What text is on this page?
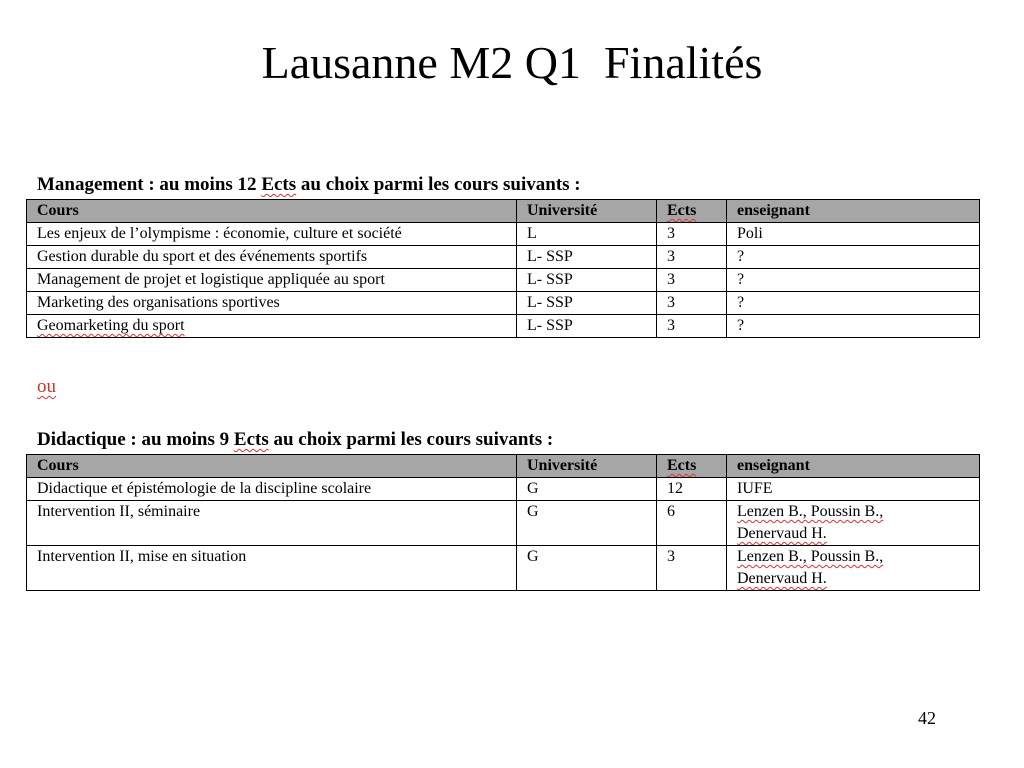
Lausanne M2 Q1  Finalités
Management : au moins 12 Ects au choix parmi les cours suivants :
Cours	Université	Ects	enseignant
Les enjeux de l’olympisme : économie, culture et société	L	3	Poli
Gestion durable du sport et des événements sportifs	L- SSP	3	?
Management de projet et logistique appliquée au sport	L- SSP	3	?
Marketing des organisations sportives	L- SSP	3	?
Geomarketing du sport	L- SSP	3	?
ou
Didactique : au moins 9 Ects au choix parmi les cours suivants :
Cours	Université	Ects	enseignant
Didactique et épistémologie de la discipline scolaire	G	12	IUFE
Intervention II, séminaire	G	6	Lenzen B., Poussin B.,
Denervaud H.
Intervention II, mise en situation	G	3	Lenzen B., Poussin B.,
Denervaud H.
42
